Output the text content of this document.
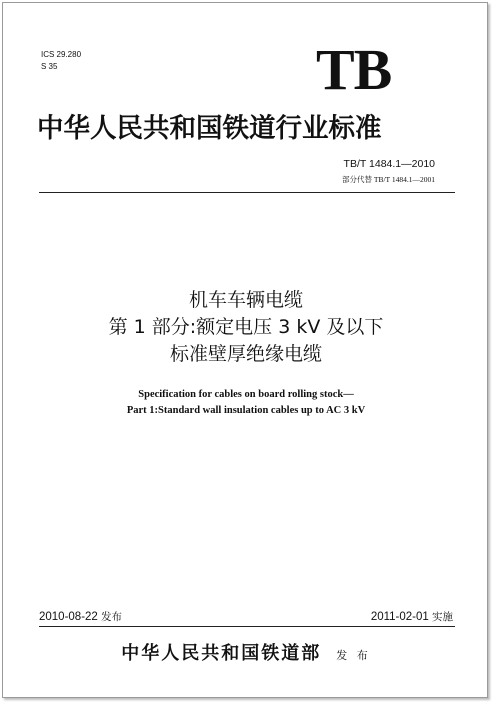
ICS 29.280
S 35	TB
中华人民共和国铁道行业标准
TB/T 1484.1—2010
部分代替 TB/T 1484.1—2001
机车车辆电缆
第 1 部分:额定电压 3 kV 及以下
标准壁厚绝缘电缆
Specification for cables on board rolling stock—
Part 1:Standard wall insulation cables up to AC 3 kV
2010-08-22 发布	2011-02-01 实施
中华人民共和国铁道部 发 布
